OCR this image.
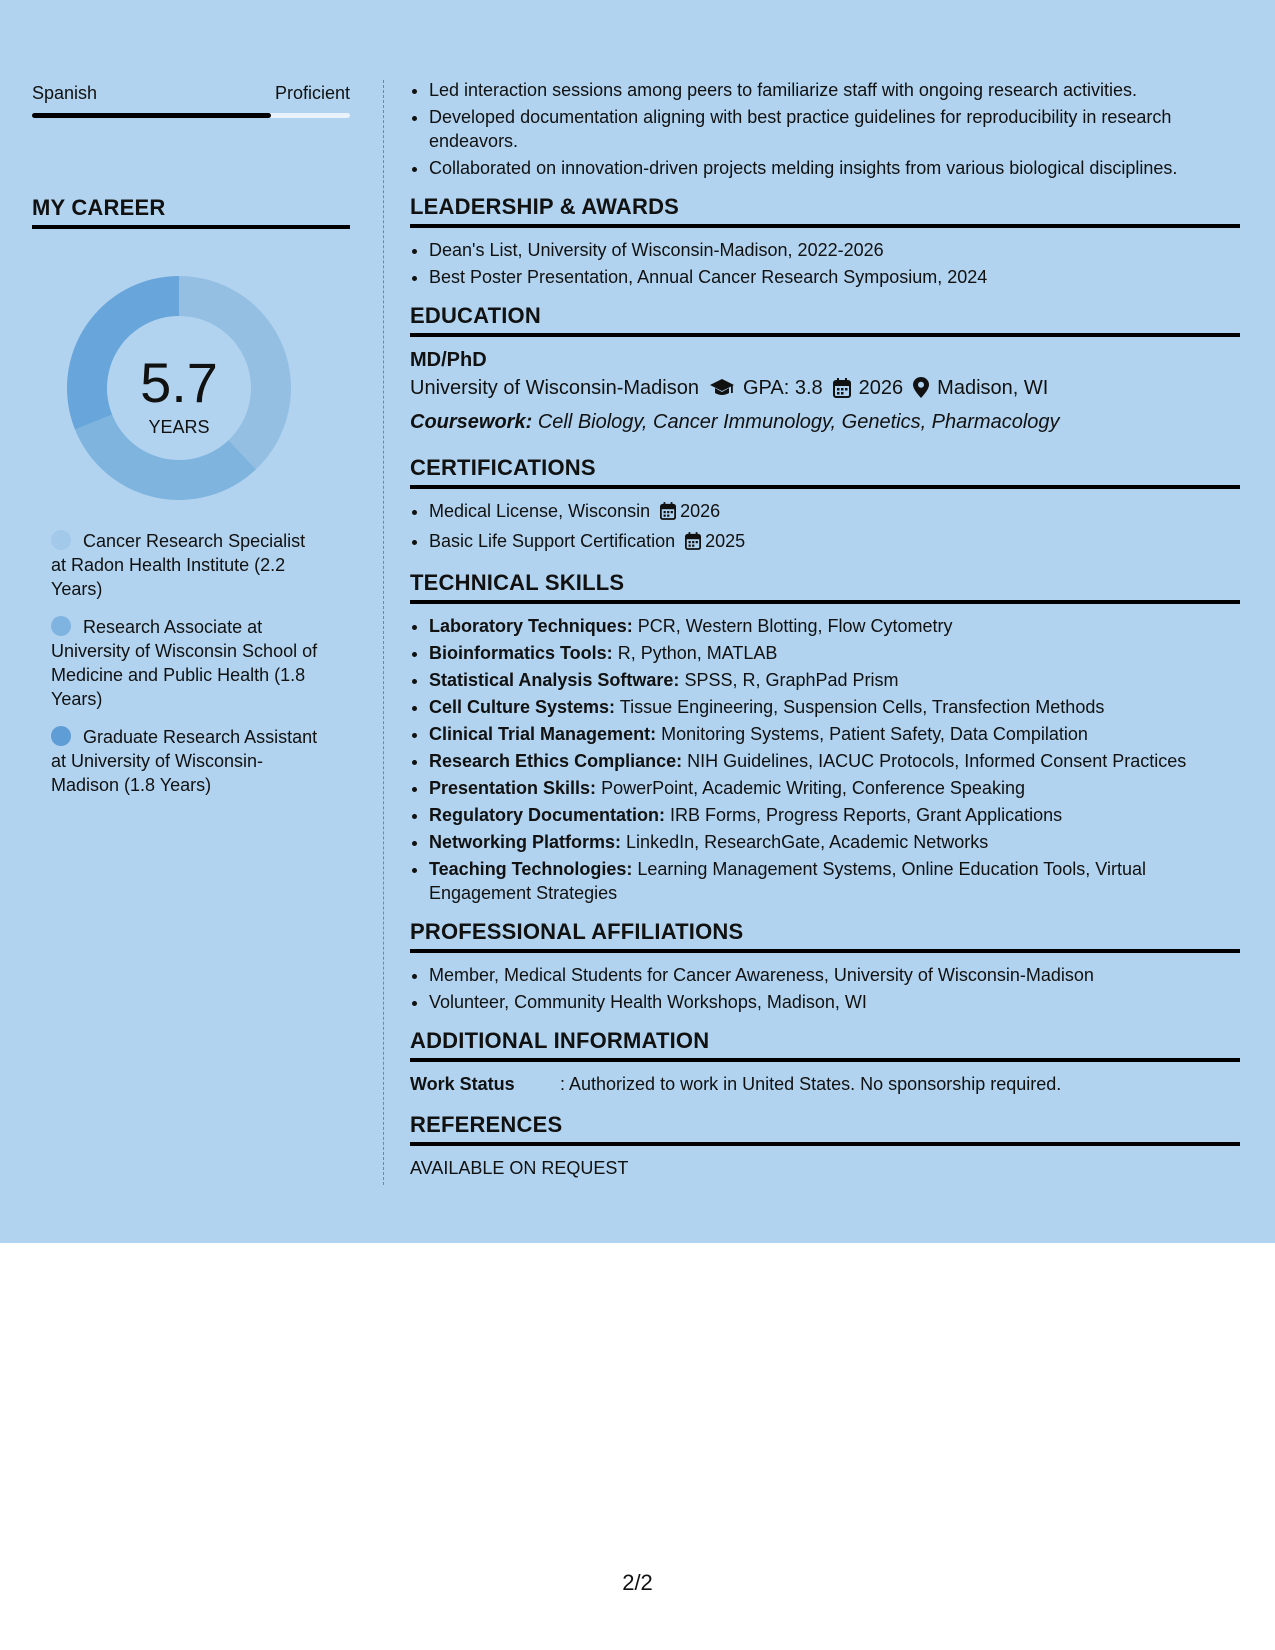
Spanish	Proficient
MY CAREER
5.7
YEARS
Cancer Research Specialist at Radon Health Institute (2.2 Years)
Research Associate at University of Wisconsin School of Medicine and Public Health (1.8 Years)
Graduate Research Assistant at University of Wisconsin-Madison (1.8 Years)
• Led interaction sessions among peers to familiarize staff with ongoing research activities.
• Developed documentation aligning with best practice guidelines for reproducibility in research endeavors.
• Collaborated on innovation-driven projects melding insights from various biological disciplines.
LEADERSHIP & AWARDS
• Dean's List, University of Wisconsin-Madison, 2022-2026
• Best Poster Presentation, Annual Cancer Research Symposium, 2024
EDUCATION
MD/PhD
University of Wisconsin-Madison GPA: 3.8 2026 Madison, WI
Coursework: Cell Biology, Cancer Immunology, Genetics, Pharmacology
CERTIFICATIONS
• Medical License, Wisconsin 2026
• Basic Life Support Certification 2025
TECHNICAL SKILLS
• Laboratory Techniques: PCR, Western Blotting, Flow Cytometry
• Bioinformatics Tools: R, Python, MATLAB
• Statistical Analysis Software: SPSS, R, GraphPad Prism
• Cell Culture Systems: Tissue Engineering, Suspension Cells, Transfection Methods
• Clinical Trial Management: Monitoring Systems, Patient Safety, Data Compilation
• Research Ethics Compliance: NIH Guidelines, IACUC Protocols, Informed Consent Practices
• Presentation Skills: PowerPoint, Academic Writing, Conference Speaking
• Regulatory Documentation: IRB Forms, Progress Reports, Grant Applications
• Networking Platforms: LinkedIn, ResearchGate, Academic Networks
• Teaching Technologies: Learning Management Systems, Online Education Tools, Virtual Engagement Strategies
PROFESSIONAL AFFILIATIONS
• Member, Medical Students for Cancer Awareness, University of Wisconsin-Madison
• Volunteer, Community Health Workshops, Madison, WI
ADDITIONAL INFORMATION
Work Status	: Authorized to work in United States. No sponsorship required.
REFERENCES
AVAILABLE ON REQUEST
2/2
